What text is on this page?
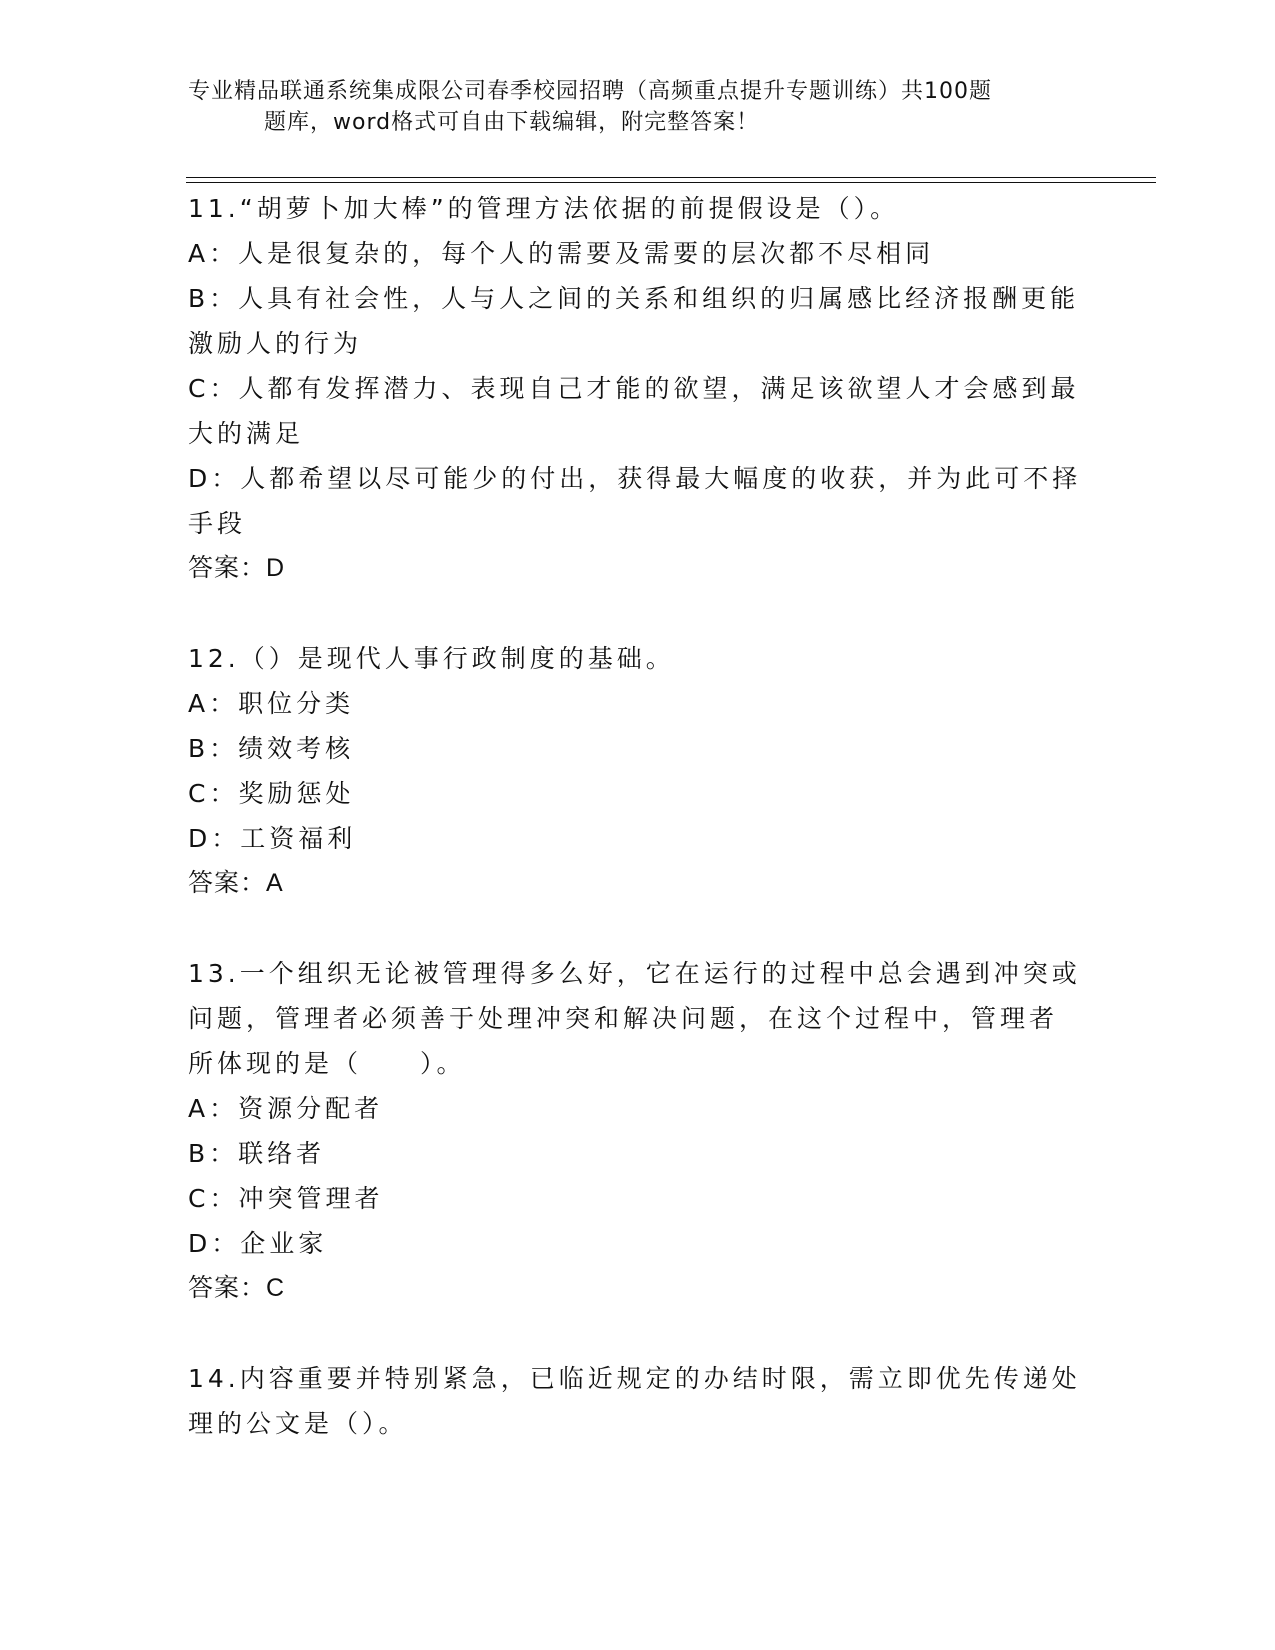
专业精品联通系统集成限公司春季校园招聘（高频重点提升专题训练）共100题
题库，word格式可自由下载编辑，附完整答案！
11.“胡萝卜加大棒”的管理方法依据的前提假设是（）。
A：人是很复杂的，每个人的需要及需要的层次都不尽相同
B：人具有社会性，人与人之间的关系和组织的归属感比经济报酬更能
激励人的行为
C：人都有发挥潜力、表现自己才能的欲望，满足该欲望人才会感到最
大的满足
D：人都希望以尽可能少的付出，获得最大幅度的收获，并为此可不择
手段
答案：D
12.（）是现代人事行政制度的基础。
A：职位分类
B：绩效考核
C：奖励惩处
D：工资福利
答案：A
13.一个组织无论被管理得多么好，它在运行的过程中总会遇到冲突或
问题，管理者必须善于处理冲突和解决问题，在这个过程中，管理者
所体现的是（　　）。
A：资源分配者
B：联络者
C：冲突管理者
D：企业家
答案：C
14.内容重要并特别紧急，已临近规定的办结时限，需立即优先传递处
理的公文是（）。
